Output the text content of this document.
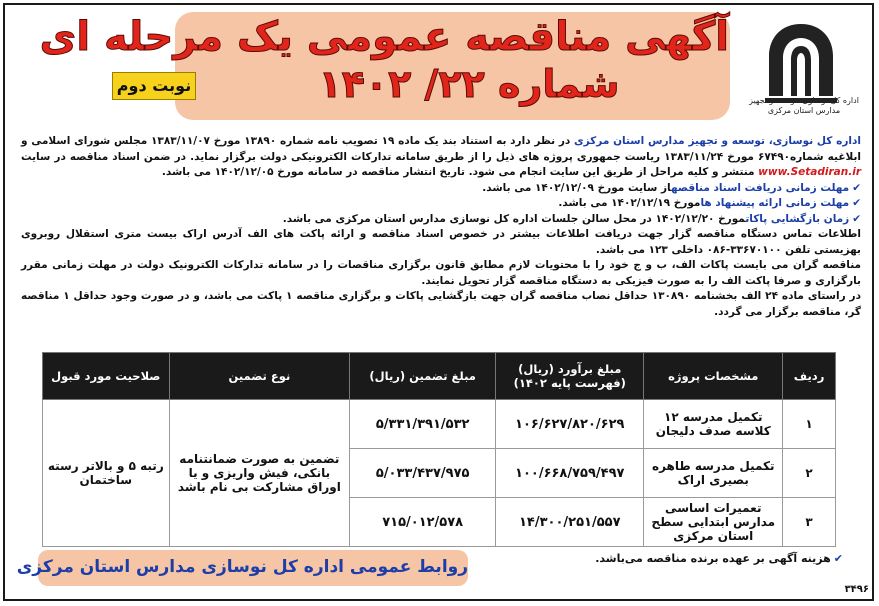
آگهی مناقصه عمومی یک مرحله ای
شماره ۲۲/ ۱۴۰۲
نوبت دوم
اداره کل نوسازی، توسعه و تجهیز مدارس استان مرکزی

اداره کل نوسازی، توسعه و تجهیز مدارس استان مرکزی در نظر دارد به استناد بند یک ماده ۱۹ تصویب نامه شماره ۱۳۸۹۰ مورخ ۱۳۸۳/۱۱/۰۷ مجلس شورای اسلامی و ابلاغیه شماره۶۷۴۹۰ مورخ ۱۳۸۳/۱۱/۲۴ ریاست جمهوری پروژه های ذیل را از طریق سامانه تدارکات الکترونیکی دولت برگزار نماید. در ضمن اسناد مناقصه در سایت www.Setadiran.ir منتشر و کلیه مراحل از طریق این سایت انجام می شود. تاریخ انتشار مناقصه در سامانه مورخ ۱۴۰۲/۱۲/۰۵ می باشد.

✔مهلت زمانی دریافت اسناد مناقصهاز سایت مورخ ۱۴۰۲/۱۲/۰۹ می باشد.

✔مهلت زمانی ارائه پیشنهاد هامورخ ۱۴۰۲/۱۲/۱۹ می باشد.

✔زمان بازگشایی پاکاتمورخ ۱۴۰۲/۱۲/۲۰ در محل سالن جلسات اداره کل نوسازی مدارس استان مرکزی می باشد.

اطلاعات تماس دستگاه مناقصه گزار جهت دریافت اطلاعات بیشتر در خصوص اسناد مناقصه و ارائه پاکت های الف آدرس اراک بیست متری استقلال روبروی بهزیستی تلفن ۳۳۶۷۰۱۰۰-۰۸۶ داخلی ۱۲۳ می باشد.

مناقصه گران می بایست پاکات الف، ب و ج خود را با محتویات لازم مطابق قانون برگزاری مناقصات را در سامانه تدارکات الکترونیک دولت در مهلت زمانی مقرر بارگزاری و صرفا پاکت الف را به صورت فیزیکی به دستگاه مناقصه گزار تحویل نمایند.

در راستای ماده ۲۴ الف بخشنامه ۱۳۰۸۹۰ حداقل نصاب مناقصه گران جهت بازگشایی پاکات و برگزاری مناقصه ۱ پاکت می باشد، و در صورت وجود حداقل ۱ مناقصه گر، مناقصه برگزار می گردد.

ردیف	مشخصات پروژه	مبلغ برآورد (ریال) (فهرست پایه ۱۴۰۲)	مبلغ تضمین (ریال)	نوع تضمین	صلاحیت مورد قبول
۱	تکمیل مدرسه ۱۲ کلاسه صدف دلیجان	۱۰۶/۶۲۷/۸۲۰/۶۲۹	۵/۳۳۱/۳۹۱/۵۳۲	تضمین به صورت ضمانتنامه بانکی، فیش واریزی و یا اوراق مشارکت بی نام باشد	رتبه ۵ و بالاتر رسته ساختمان
۲	تکمیل مدرسه طاهره بصیری اراک	۱۰۰/۶۶۸/۷۵۹/۴۹۷	۵/۰۳۳/۴۳۷/۹۷۵		
۳	تعمیرات اساسی مدارس ابتدایی سطح استان مرکزی	۱۴/۳۰۰/۲۵۱/۵۵۷	۷۱۵/۰۱۲/۵۷۸		
✔هزینه آگهی بر عهده برنده مناقصه می‌باشد.
روابط عمومی اداره کل نوسازی مدارس استان مرکزی
۳۴۹۶
